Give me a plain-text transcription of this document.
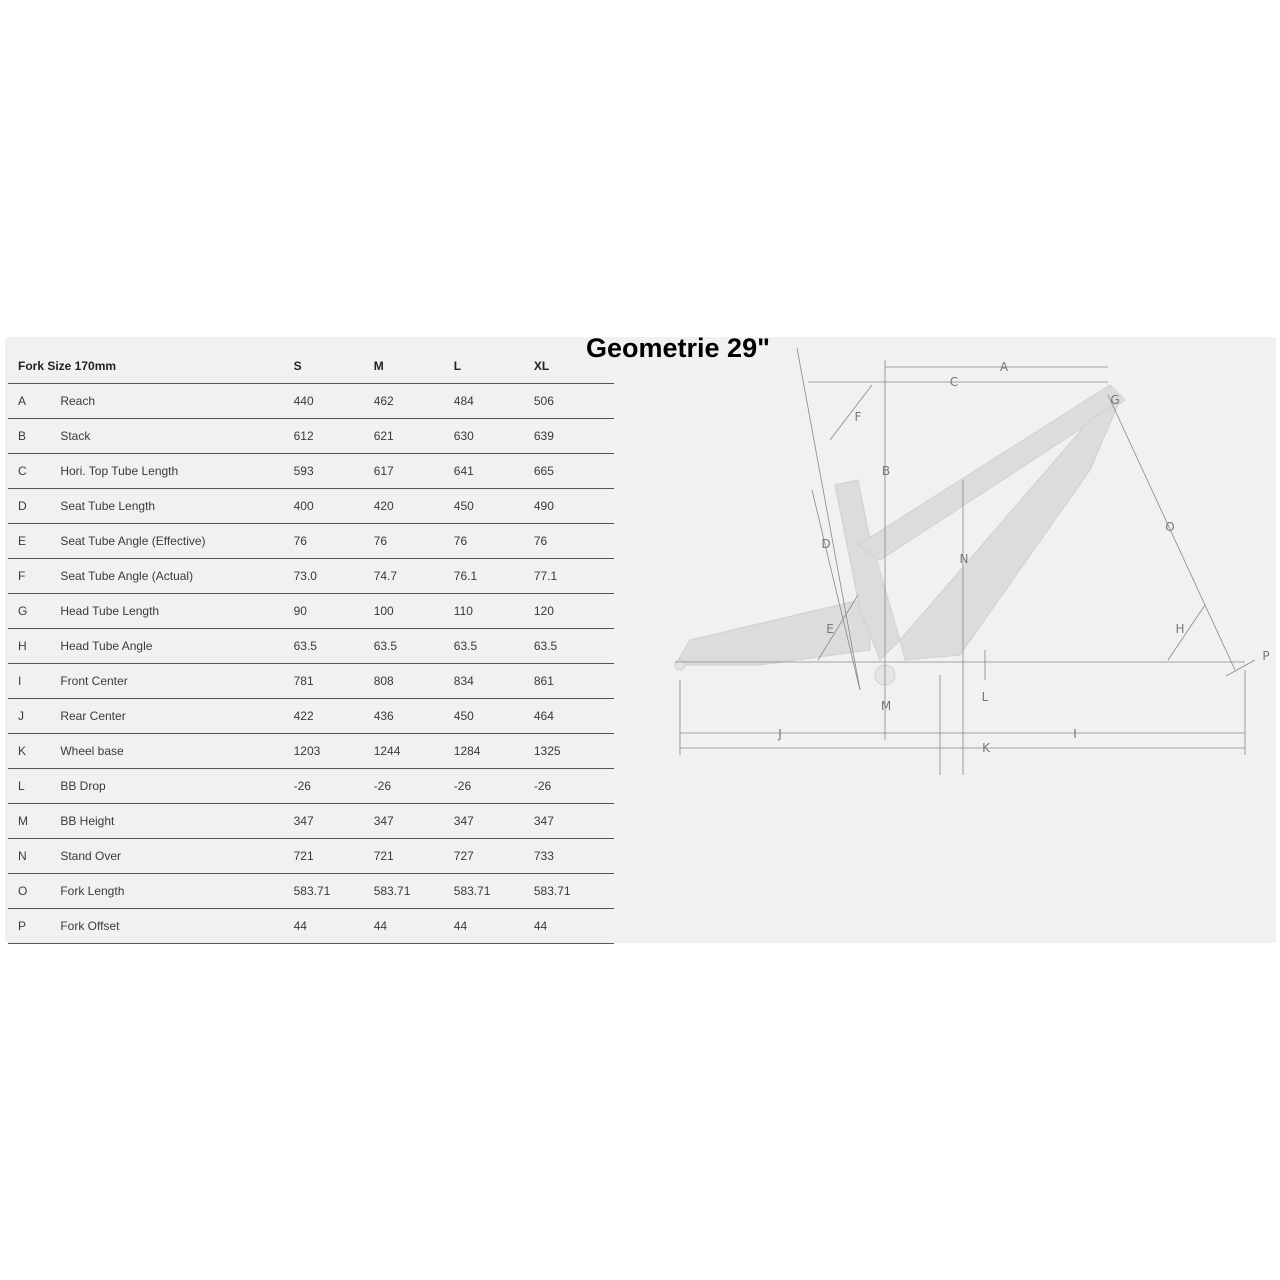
Geometrie 29"
Fork Size 170mm		S	M	L	XL
A	Reach	440	462	484	506
B	Stack	612	621	630	639
C	Hori. Top Tube Length	593	617	641	665
D	Seat Tube Length	400	420	450	490
E	Seat Tube Angle (Effective)	76	76	76	76
F	Seat Tube Angle (Actual)	73.0	74.7	76.1	77.1
G	Head Tube Length	90	100	110	120
H	Head Tube Angle	63.5	63.5	63.5	63.5
I	Front Center	781	808	834	861
J	Rear Center	422	436	450	464
K	Wheel base	1203	1244	1284	1325
L	BB Drop	-26	-26	-26	-26
M	BB Height	347	347	347	347
N	Stand Over	721	721	727	733
O	Fork Length	583.71	583.71	583.71	583.71
P	Fork Offset	44	44	44	44
A
B
C
D
E
F
G
H
I
J
K
L
M
N
O
P
